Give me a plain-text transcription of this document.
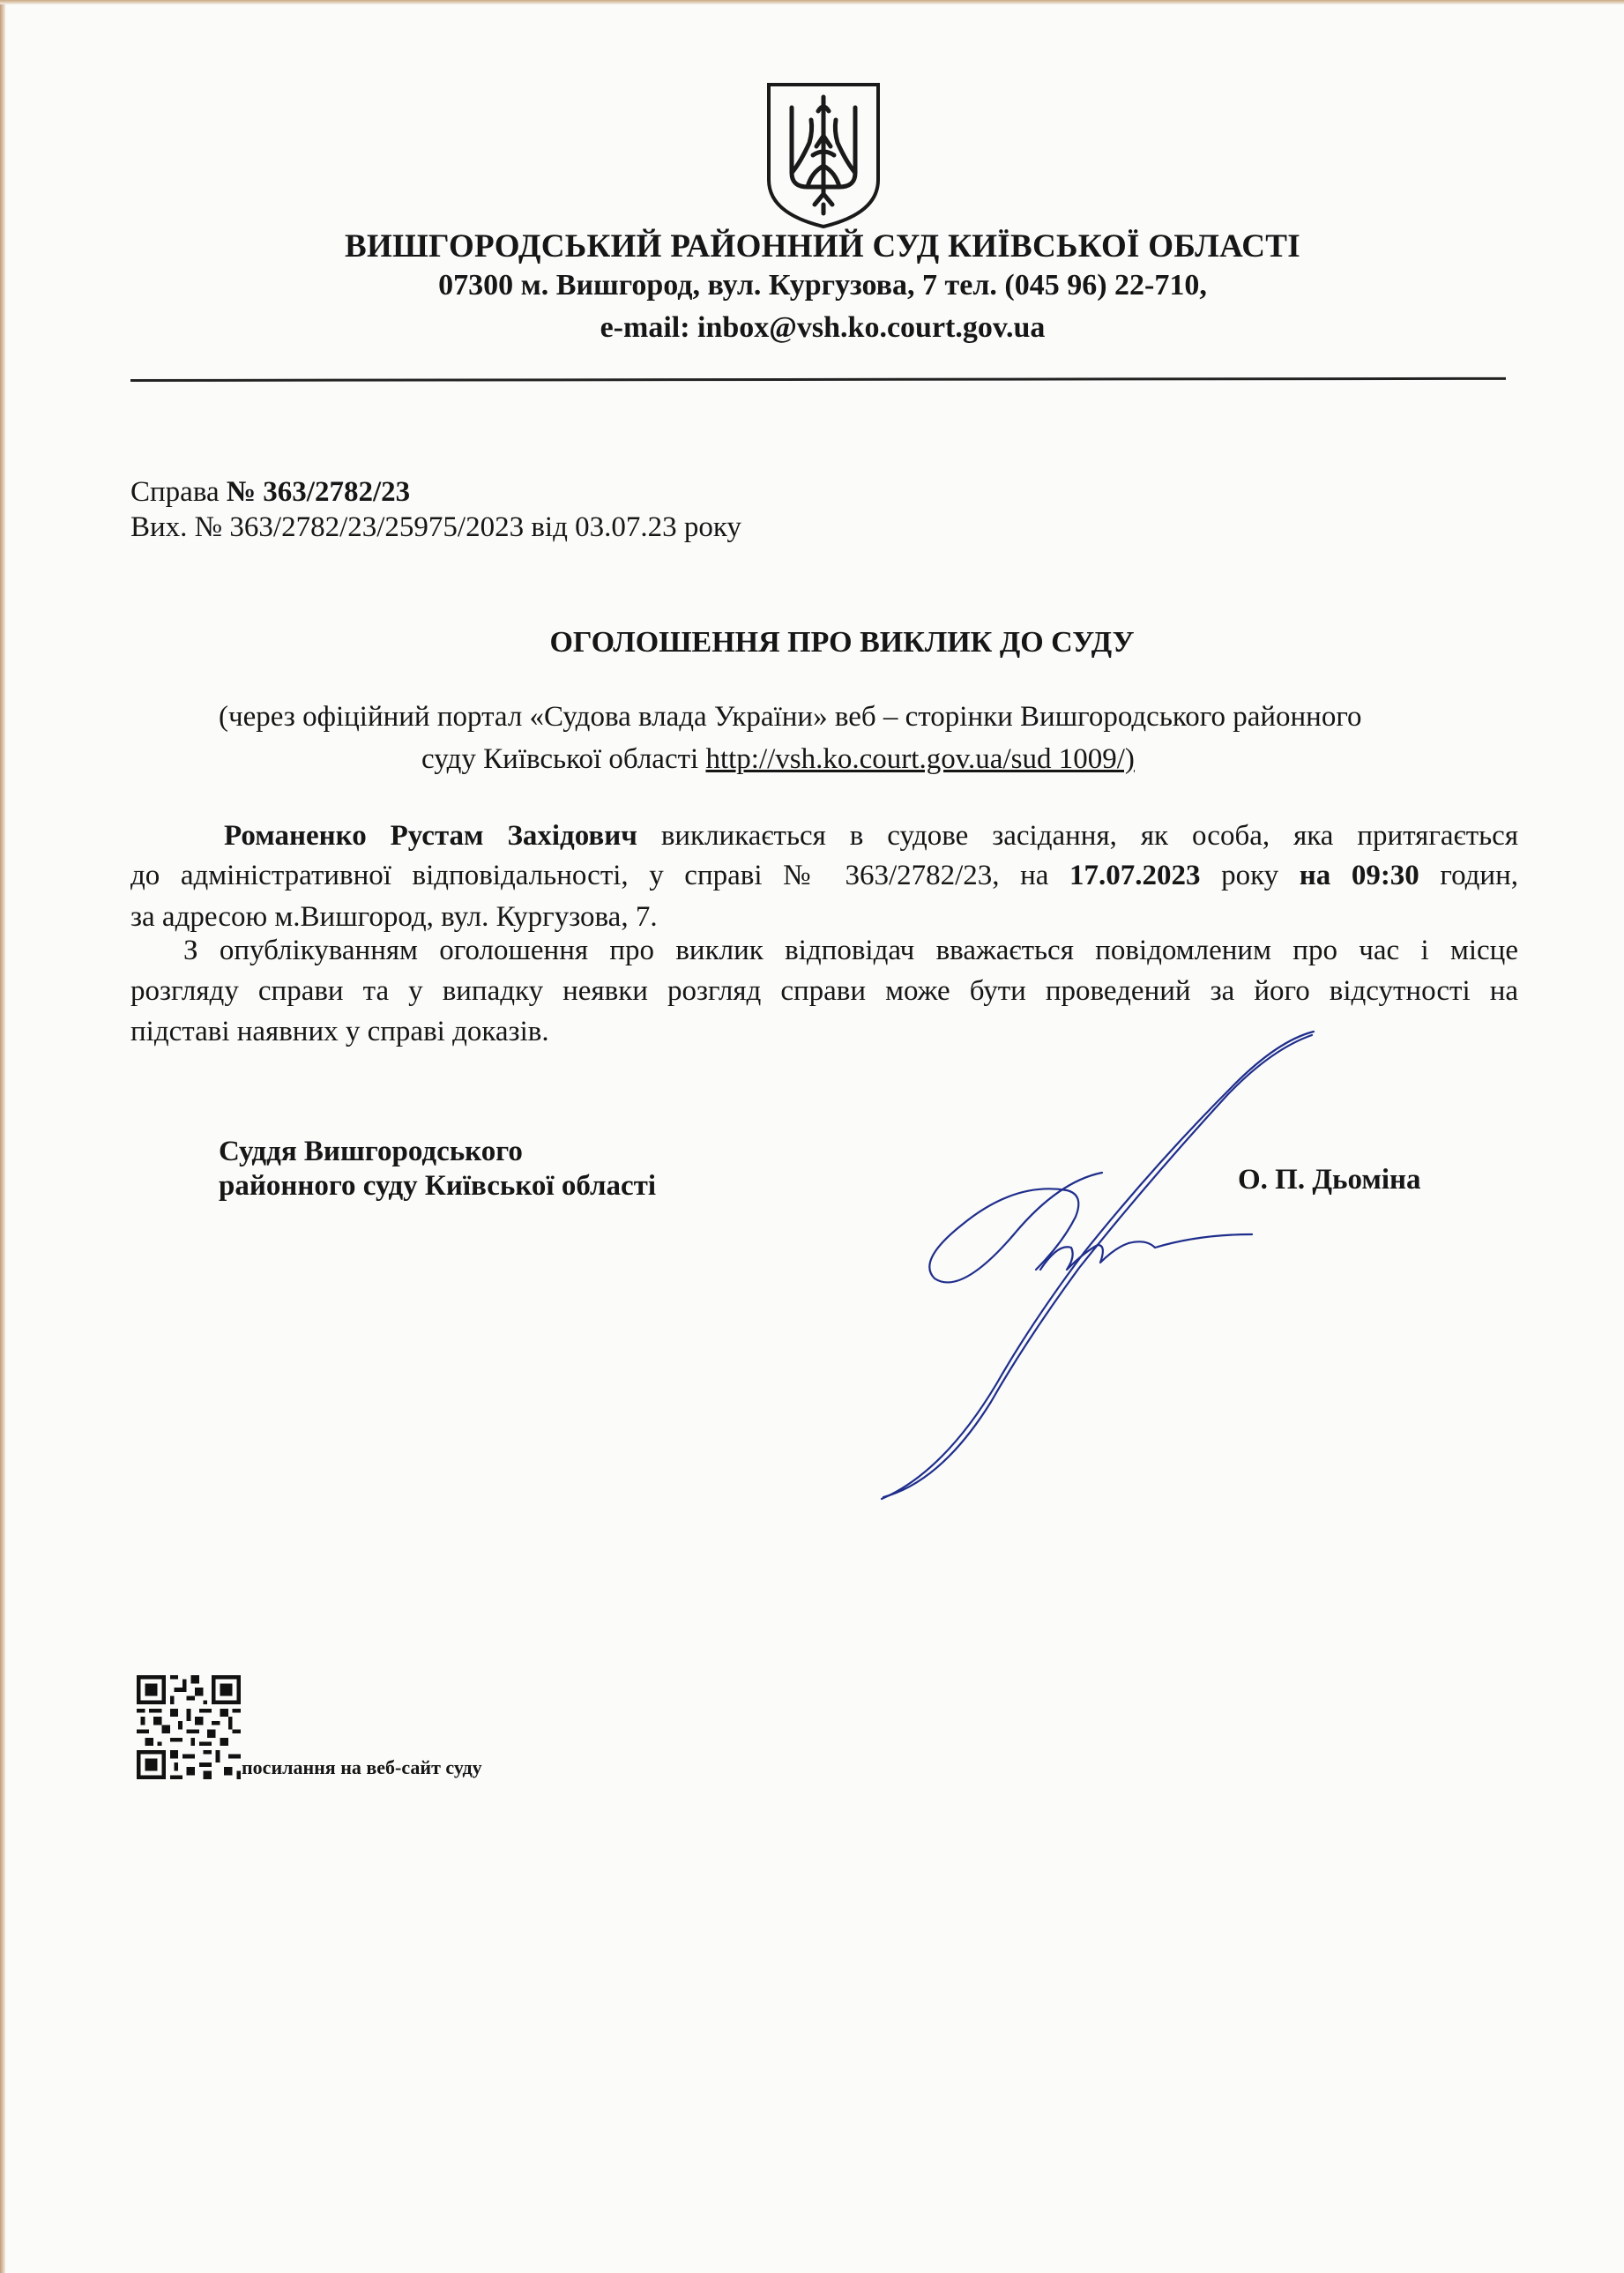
ВИШГОРОДСЬКИЙ РАЙОННИЙ СУД КИЇВСЬКОЇ ОБЛАСТІ
07300 м. Вишгород, вул. Кургузова, 7 тел. (045 96) 22-710,
e-mail: inbox@vsh.ko.court.gov.ua
Справа № 363/2782/23
Вих. № 363/2782/23/25975/2023 від 03.07.23 року
ОГОЛОШЕННЯ ПРО ВИКЛИК ДО СУДУ
(через офіційний портал «Судова влада України» веб – сторінки Вишгородського районного
суду Київської області http://vsh.ko.court.gov.ua/sud 1009/)
Романенко Рустам Західович викликається в судове засідання, як особа, яка притягається
до адміністративної відповідальності, у справі № 363/2782/23, на 17.07.2023 року на 09:30 годин,
за адресою м.Вишгород, вул. Кургузова, 7.
З опублікуванням оголошення про виклик відповідач вважається повідомленим про час і місце
розгляду справи та у випадку неявки розгляд справи може бути проведений за його відсутності на
підставі наявних у справі доказів.
Суддя Вишгородського
районного суду Київської області	О. П. Дьоміна
посилання на веб-сайт суду
